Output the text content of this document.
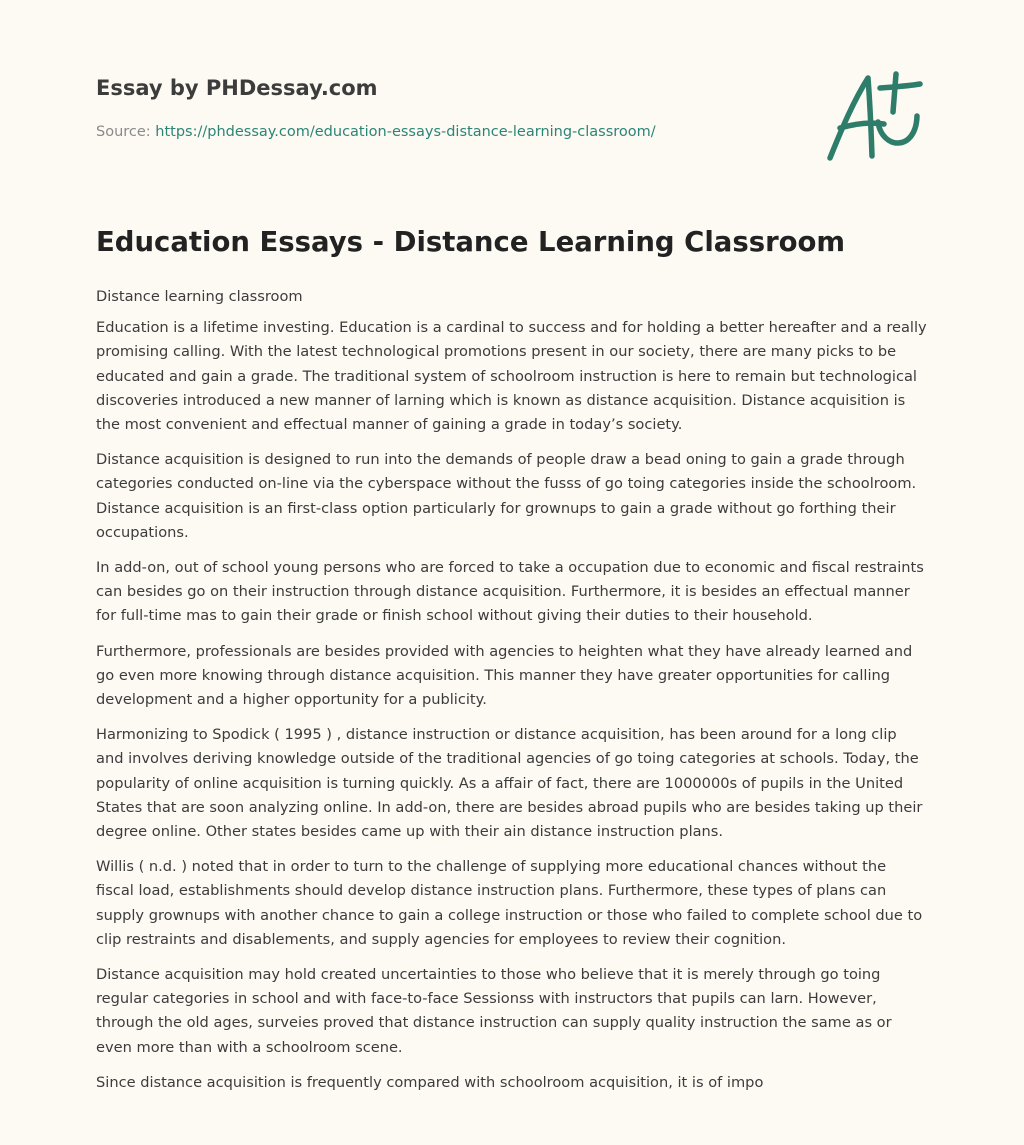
Essay by PHDessay.com
Source: https://phdessay.com/education-essays-distance-learning-classroom/
Education Essays - Distance Learning Classroom

Distance learning classroom

Education is a lifetime investing. Education is a cardinal to success and for holding a better hereafter and a really promising calling. With the latest technological promotions present in our society, there are many picks to be educated and gain a grade. The traditional system of schoolroom instruction is here to remain but technological discoveries introduced a new manner of larning which is known as distance acquisition. Distance acquisition is the most convenient and effectual manner of gaining a grade in today’s society.

Distance acquisition is designed to run into the demands of people draw a bead oning to gain a grade through categories conducted on-line via the cyberspace without the fusss of go toing categories inside the schoolroom. Distance acquisition is an first-class option particularly for grownups to gain a grade without go forthing their occupations.

In add-on, out of school young persons who are forced to take a occupation due to economic and fiscal restraints can besides go on their instruction through distance acquisition. Furthermore, it is besides an effectual manner for full-time mas to gain their grade or finish school without giving their duties to their household.

Furthermore, professionals are besides provided with agencies to heighten what they have already learned and go even more knowing through distance acquisition. This manner they have greater opportunities for calling development and a higher opportunity for a publicity.

Harmonizing to Spodick ( 1995 ) , distance instruction or distance acquisition, has been around for a long clip and involves deriving knowledge outside of the traditional agencies of go toing categories at schools. Today, the popularity of online acquisition is turning quickly. As a affair of fact, there are 1000000s of pupils in the United States that are soon analyzing online. In add-on, there are besides abroad pupils who are besides taking up their degree online. Other states besides came up with their ain distance instruction plans.

Willis ( n.d. ) noted that in order to turn to the challenge of supplying more educational chances without the fiscal load, establishments should develop distance instruction plans. Furthermore, these types of plans can supply grownups with another chance to gain a college instruction or those who failed to complete school due to clip restraints and disablements, and supply agencies for employees to review their cognition.

Distance acquisition may hold created uncertainties to those who believe that it is merely through go toing regular categories in school and with face-to-face Sessionss with instructors that pupils can larn. However, through the old ages, surveies proved that distance instruction can supply quality instruction the same as or even more than with a schoolroom scene.

Since distance acquisition is frequently compared with schoolroom acquisition, it is of impo
